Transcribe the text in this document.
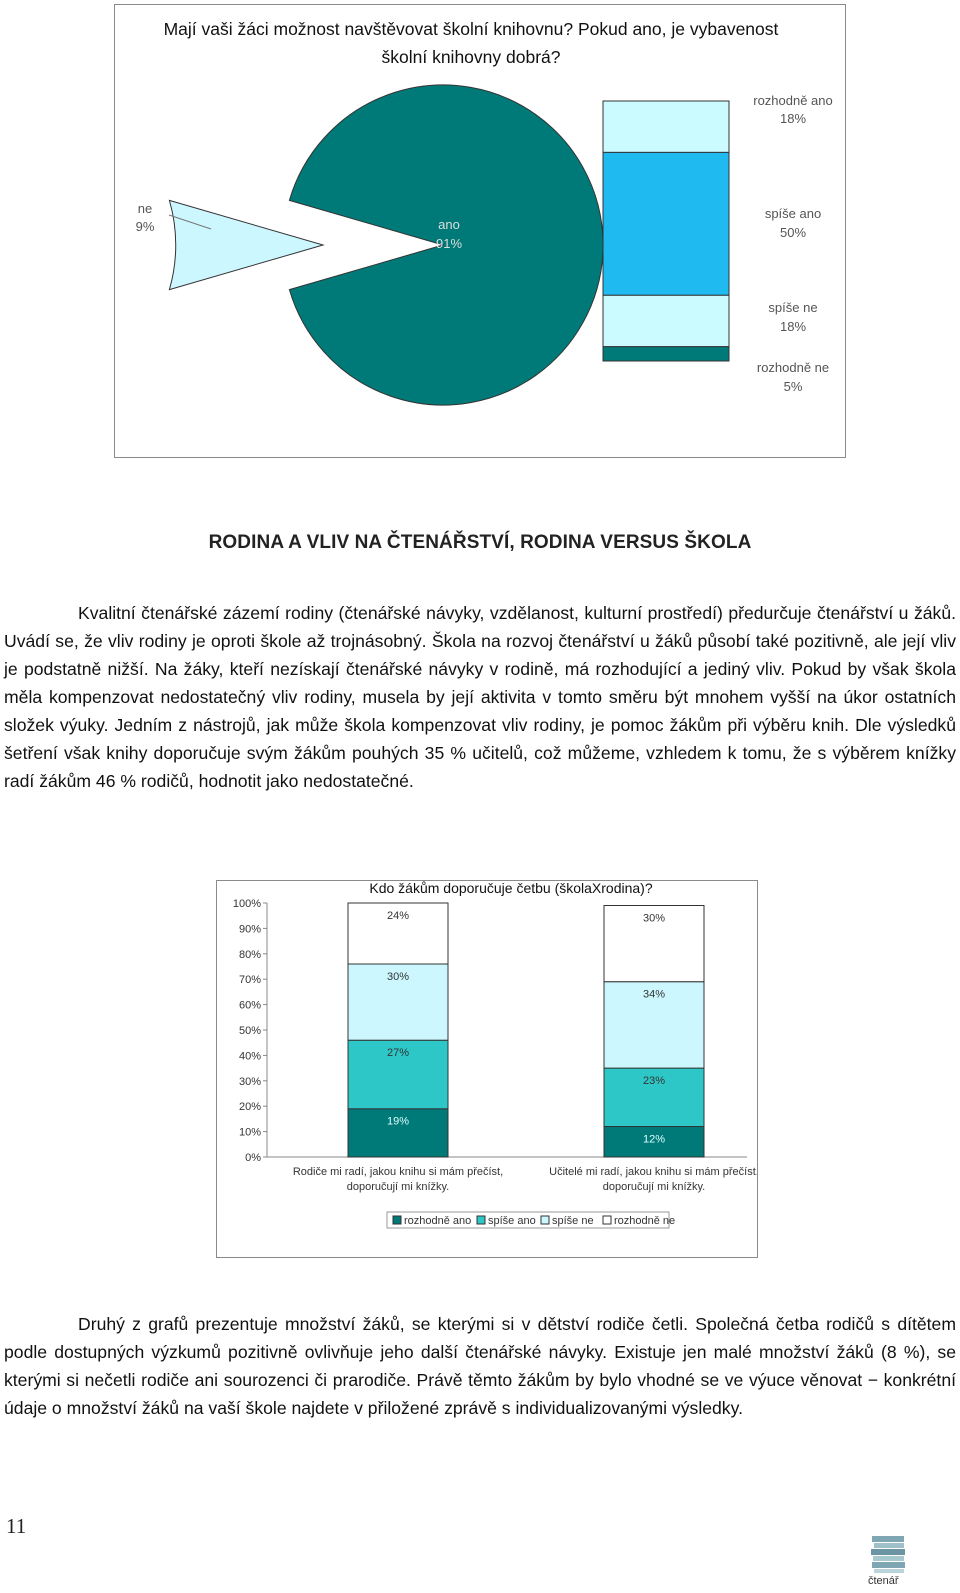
Mají vaši žáci možnost navštěvovat školní knihovnu? Pokud ano, je vybavenost
školní knihovny dobrá?
ano
91%
ne
9%
rozhodně ano
18%
spíše ano
50%
spíše ne
18%
rozhodně ne
5%
RODINA A VLIV NA ČTENÁŘSTVÍ, RODINA VERSUS ŠKOLA

Kvalitní čtenářské zázemí rodiny (čtenářské návyky, vzdělanost, kulturní prostředí) předurčuje čtenářství u žáků. Uvádí se, že vliv rodiny je oproti škole až trojnásobný. Škola na rozvoj čtenářství u žáků působí také pozitivně, ale její vliv je podstatně nižší. Na žáky, kteří nezískají čtenářské návyky v rodině, má rozhodující a jediný vliv. Pokud by však škola měla kompenzovat nedostatečný vliv rodiny, musela by její aktivita v tomto směru být mnohem vyšší na úkor ostatních složek výuky. Jedním z nástrojů, jak může škola kompenzovat vliv rodiny, je pomoc žákům při výběru knih. Dle výsledků šetření však knihy doporučuje svým žákům pouhých 35 % učitelů, což můžeme, vzhledem k tomu, že s výběrem knížky radí žákům 46 % rodičů, hodnotit jako nedostatečné.

Kdo žákům doporučuje četbu (školaXrodina)?
0%
10%
20%
30%
40%
50%
60%
70%
80%
90%
100%
19%
27%
30%
24%
Rodiče mi radí, jakou knihu si mám přečíst,
doporučují mi knížky.
12%
23%
34%
30%
Učitelé mi radí, jakou knihu si mám přečíst,
doporučují mi knížky.
rozhodně ano spíše ano spíše ne rozhodně ne

Druhý z grafů prezentuje množství žáků, se kterými si v dětství rodiče četli. Společná četba rodičů s dítětem podle dostupných výzkumů pozitivně ovlivňuje jeho další čtenářské návyky. Existuje jen malé množství žáků (8 %), se kterými si nečetli rodiče ani sourozenci či prarodiče. Právě těmto žákům by bylo vhodné se ve výuce věnovat − konkrétní údaje o množství žáků na vaší škole najdete v přiložené zprávě s individualizovanými výsledky.

11
čtenář
